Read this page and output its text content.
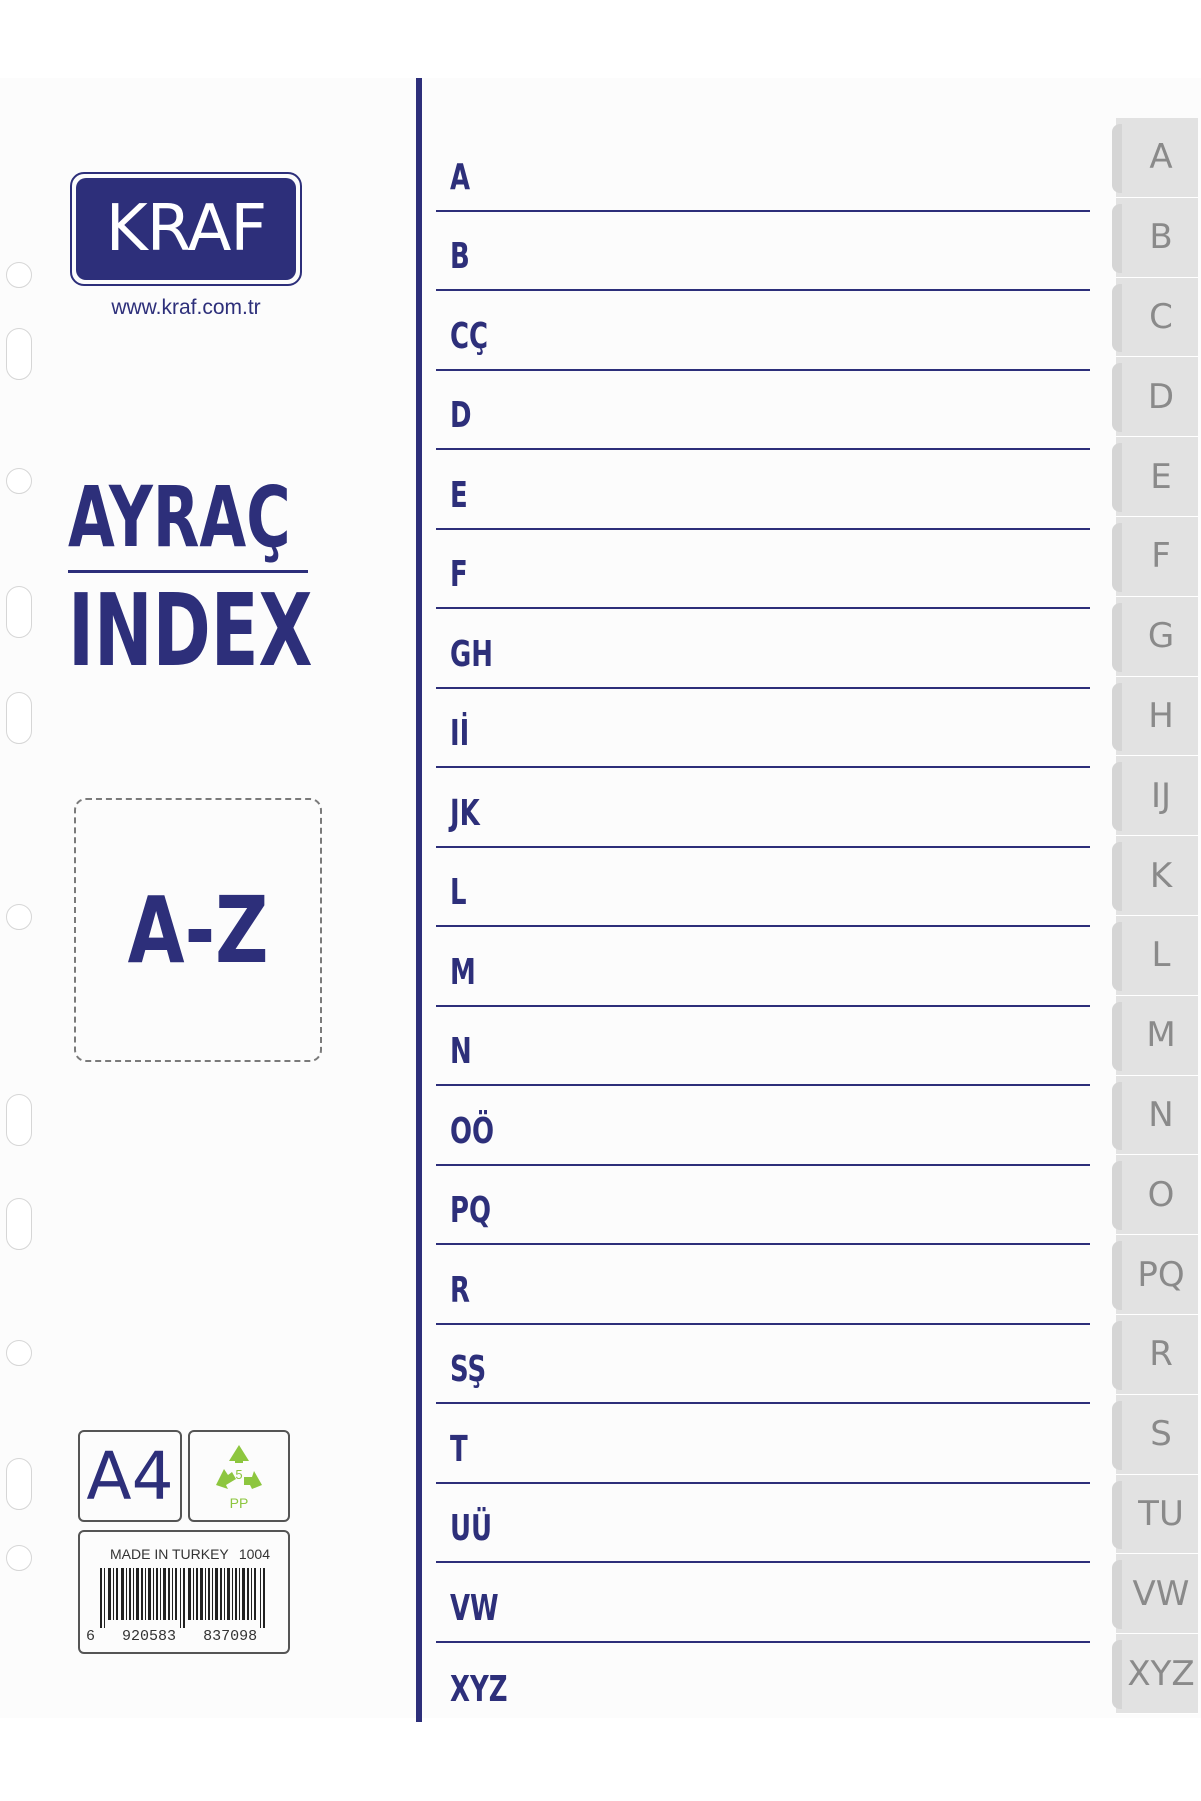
KRAF
www.kraf.com.tr
AYRAÇ
INDEX
A-Z
A4	5
PP
MADE IN TURKEY 1004
6 920583 837098
A
B
CÇ
D
E
F
GH
Iİ
JK
L
M
N
OÖ
PQ
R
SŞ
T
UÜ
VW
XYZ
A
B
C
D
E
F
G
H
IJ
K
L
M
N
O
PQ
R
S
TU
VW
XYZ
